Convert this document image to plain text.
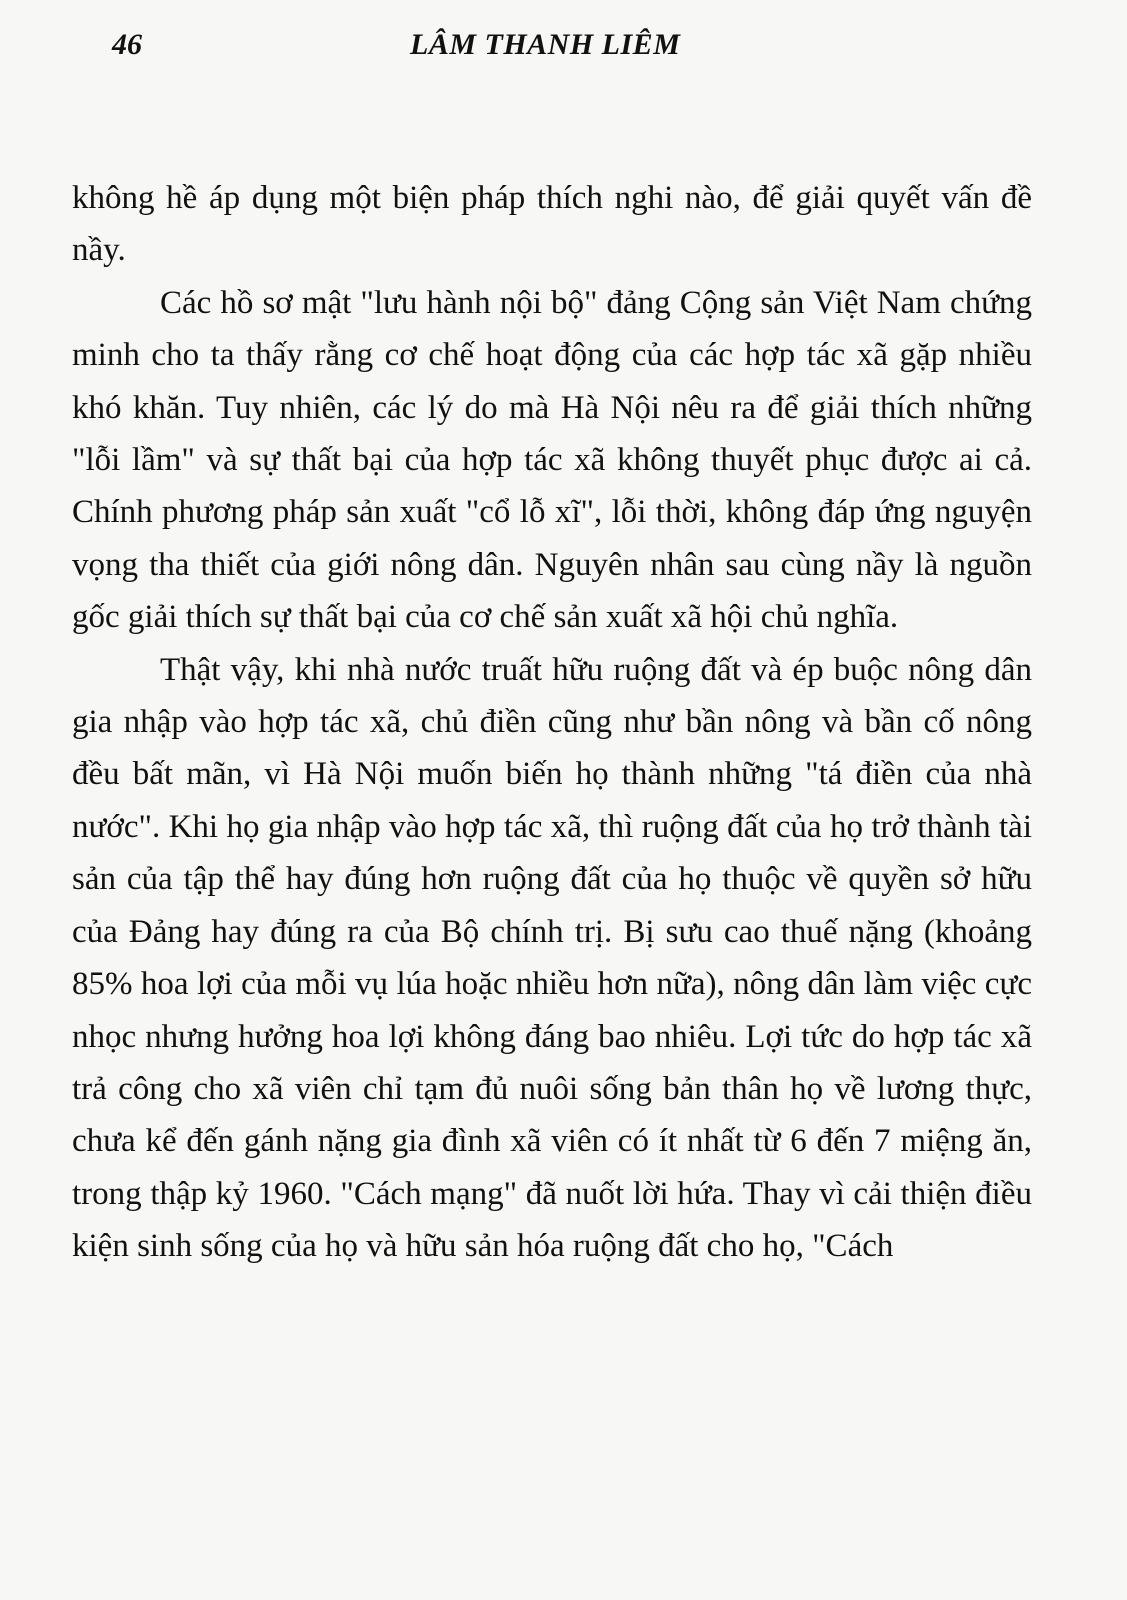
46	LÂM THANH LIÊM

không hề áp dụng một biện pháp thích nghi nào, để giải quyết vấn đề nầy.

Các hồ sơ mật "lưu hành nội bộ" đảng Cộng sản Việt Nam chứng minh cho ta thấy rằng cơ chế hoạt động của các hợp tác xã gặp nhiều khó khăn. Tuy nhiên, các lý do mà Hà Nội nêu ra để giải thích những "lỗi lầm" và sự thất bại của hợp tác xã không thuyết phục được ai cả. Chính phương pháp sản xuất "cổ lỗ xĩ", lỗi thời, không đáp ứng nguyện vọng tha thiết của giới nông dân. Nguyên nhân sau cùng nầy là nguồn gốc giải thích sự thất bại của cơ chế sản xuất xã hội chủ nghĩa.

Thật vậy, khi nhà nước truất hữu ruộng đất và ép buộc nông dân gia nhập vào hợp tác xã, chủ điền cũng như bần nông và bần cố nông đều bất mãn, vì Hà Nội muốn biến họ thành những "tá điền của nhà nước". Khi họ gia nhập vào hợp tác xã, thì ruộng đất của họ trở thành tài sản của tập thể hay đúng hơn ruộng đất của họ thuộc về quyền sở hữu của Đảng hay đúng ra của Bộ chính trị. Bị sưu cao thuế nặng (khoảng 85% hoa lợi của mỗi vụ lúa hoặc nhiều hơn nữa), nông dân làm việc cực nhọc nhưng hưởng hoa lợi không đáng bao nhiêu. Lợi tức do hợp tác xã trả công cho xã viên chỉ tạm đủ nuôi sống bản thân họ về lương thực, chưa kể đến gánh nặng gia đình xã viên có ít nhất từ 6 đến 7 miệng ăn, trong thập kỷ 1960. "Cách mạng" đã nuốt lời hứa. Thay vì cải thiện điều kiện sinh sống của họ và hữu sản hóa ruộng đất cho họ, "Cách
